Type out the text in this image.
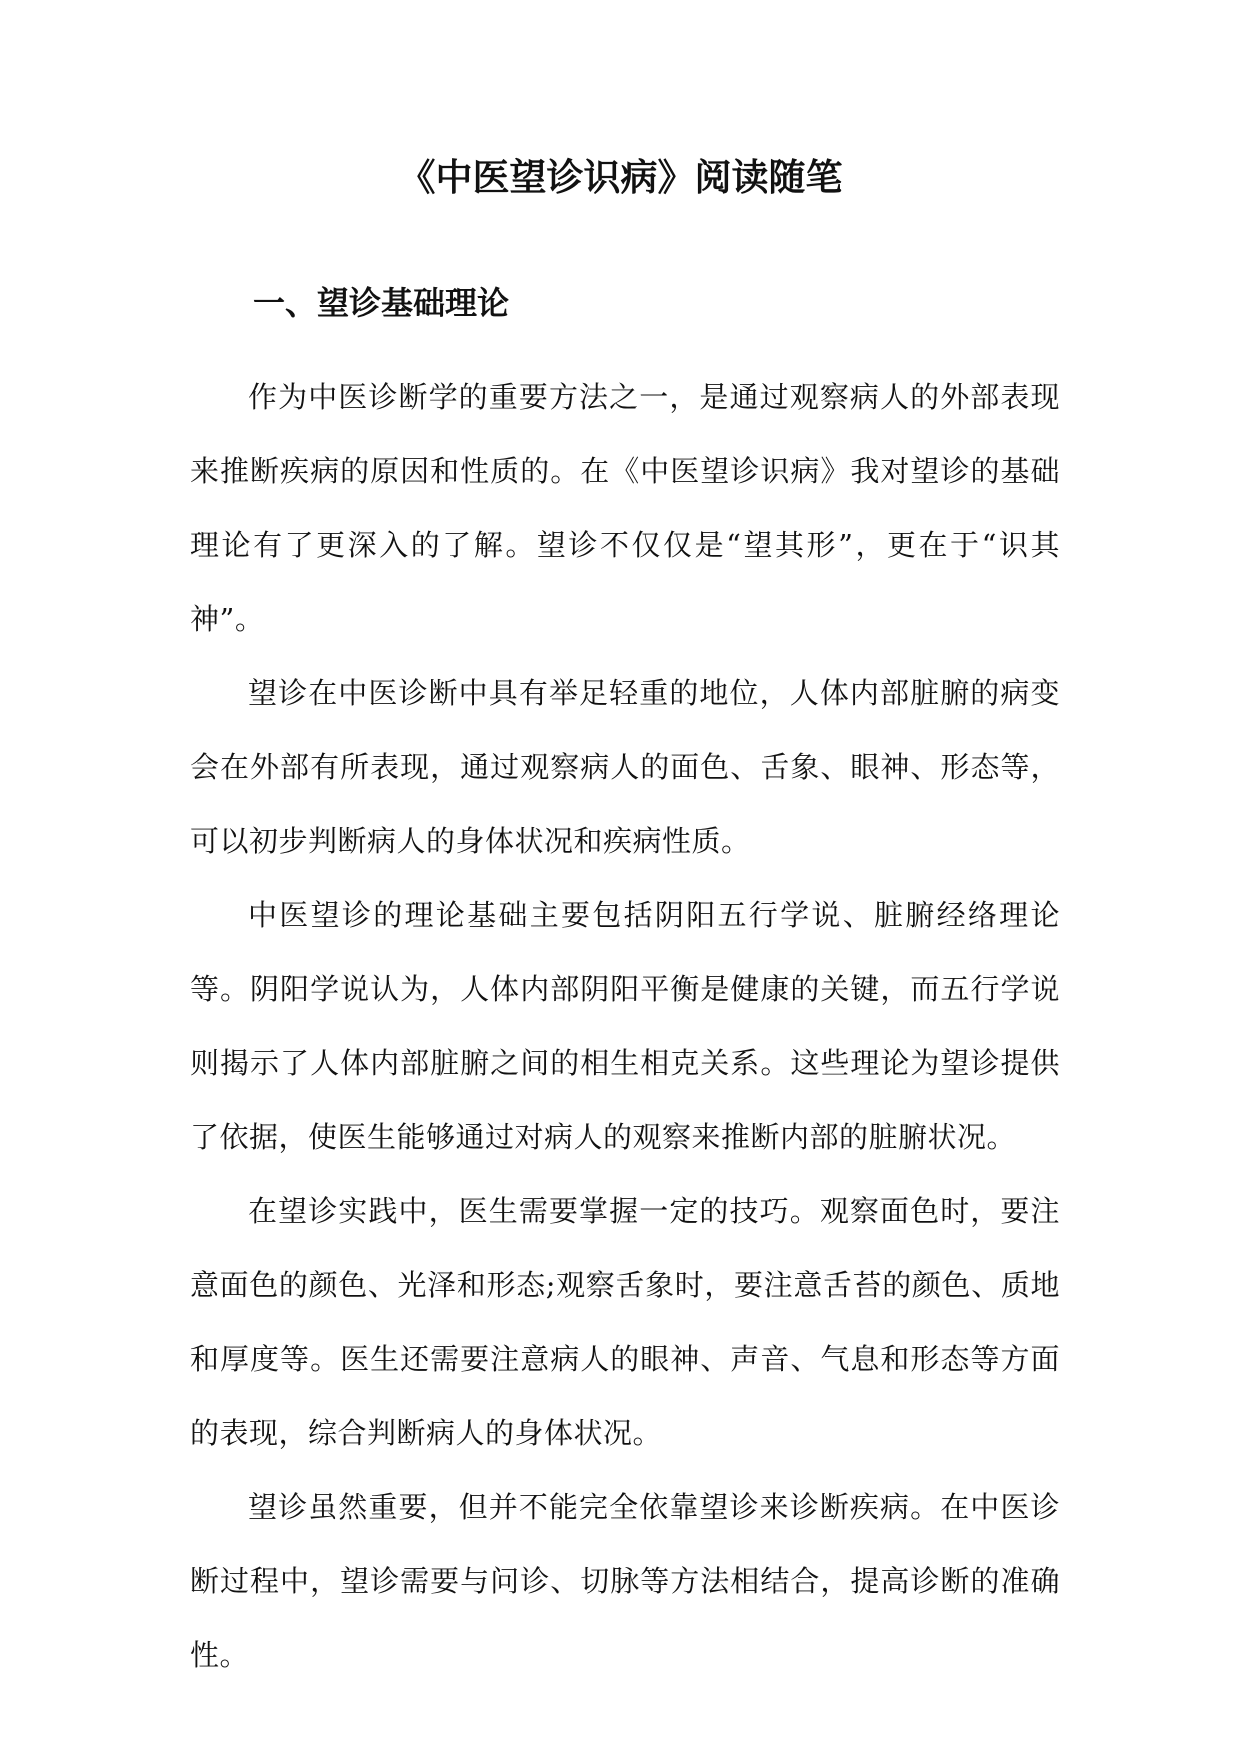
《中医望诊识病》阅读随笔
一、望诊基础理论

作为中医诊断学的重要方法之一，是通过观察病人的外部表现来推断疾病的原因和性质的。在《中医望诊识病》我对望诊的基础理论有了更深入的了解。望诊不仅仅是“望其形”，更在于“识其神”。

望诊在中医诊断中具有举足轻重的地位，人体内部脏腑的病变会在外部有所表现，通过观察病人的面色、舌象、眼神、形态等，可以初步判断病人的身体状况和疾病性质。

中医望诊的理论基础主要包括阴阳五行学说、脏腑经络理论等。阴阳学说认为，人体内部阴阳平衡是健康的关键，而五行学说则揭示了人体内部脏腑之间的相生相克关系。这些理论为望诊提供了依据，使医生能够通过对病人的观察来推断内部的脏腑状况。

在望诊实践中，医生需要掌握一定的技巧。观察面色时，要注意面色的颜色、光泽和形态;观察舌象时，要注意舌苔的颜色、质地和厚度等。医生还需要注意病人的眼神、声音、气息和形态等方面的表现，综合判断病人的身体状况。

望诊虽然重要，但并不能完全依靠望诊来诊断疾病。在中医诊断过程中，望诊需要与问诊、切脉等方法相结合，提高诊断的准确性。
